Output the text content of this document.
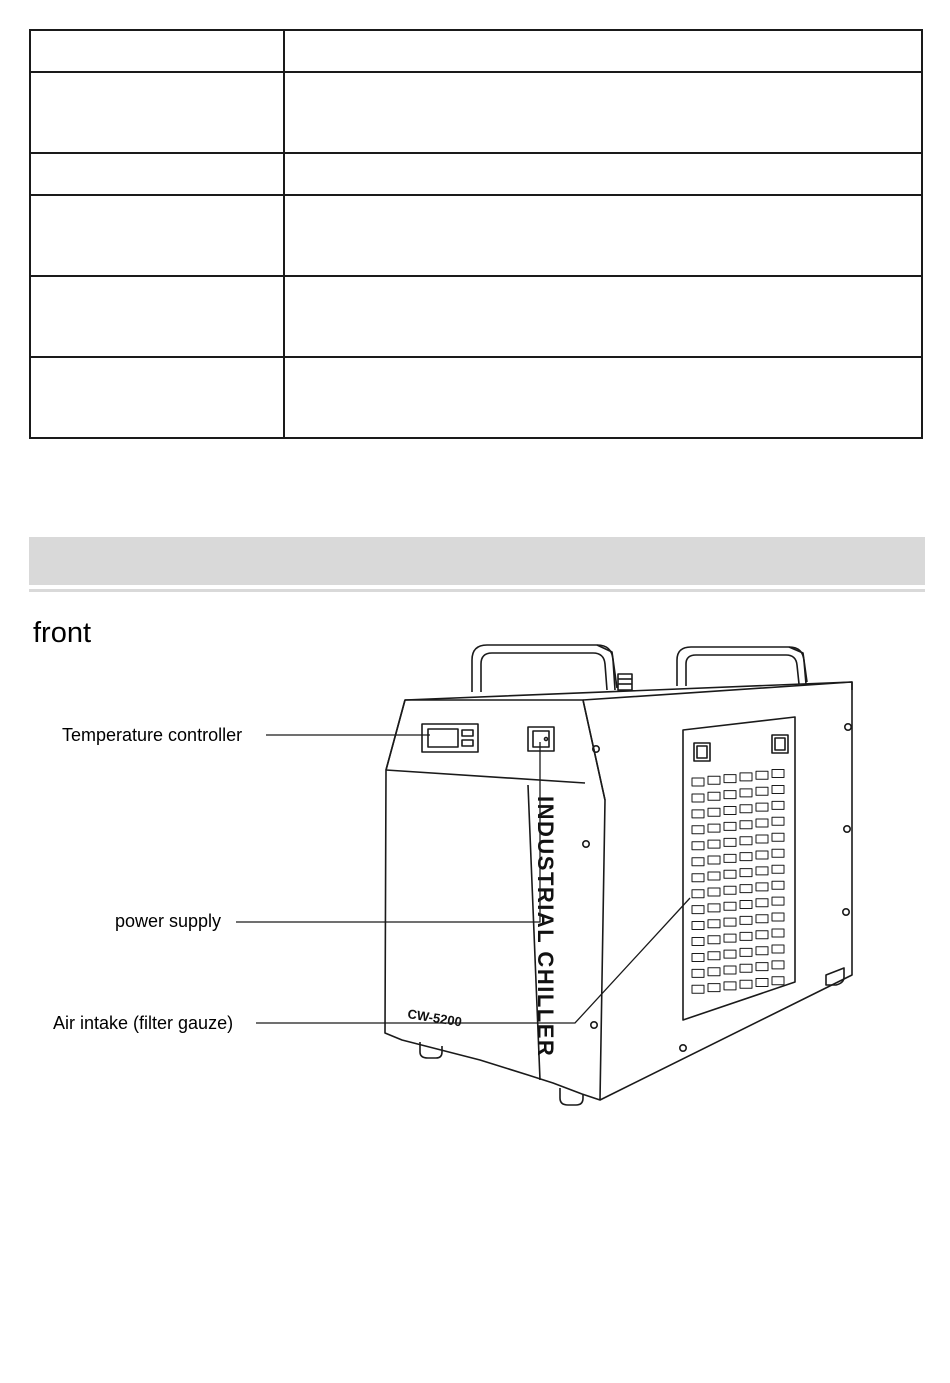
front
INDUSTRIAL CHILLER
CW-5200
Temperature controller
power supply
Air intake (filter gauze)
